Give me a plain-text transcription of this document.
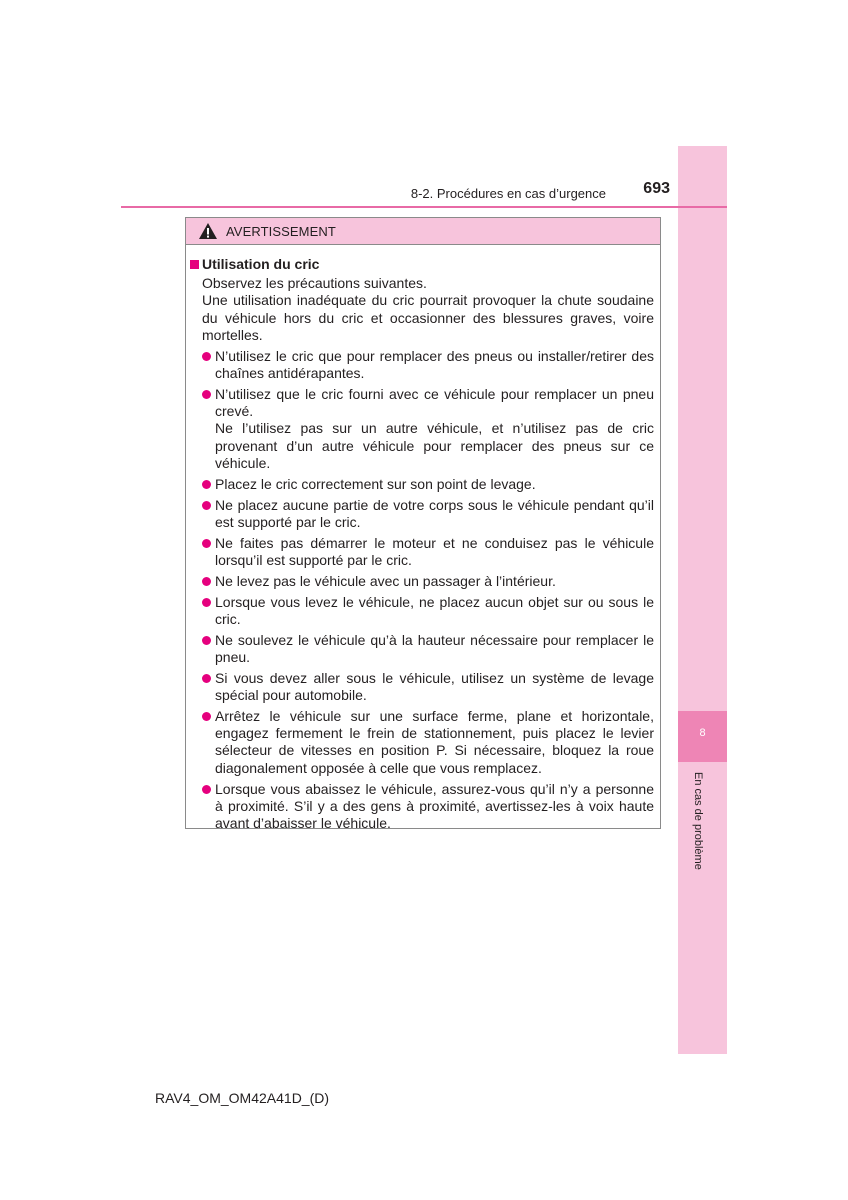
8
En cas de problème
8-2. Procédures en cas d’urgence	693
AVERTISSEMENT
Utilisation du cric

Observez les précautions suivantes.

Une utilisation inadéquate du cric pourrait provoquer la chute soudaine du véhicule hors du cric et occasionner des blessures graves, voire mortelles.

N’utilisez le cric que pour remplacer des pneus ou installer/retirer des chaînes antidérapantes.
N’utilisez que le cric fourni avec ce véhicule pour remplacer un pneu crevé.
Ne l’utilisez pas sur un autre véhicule, et n’utilisez pas de cric provenant d’un autre véhicule pour remplacer des pneus sur ce véhicule.
Placez le cric correctement sur son point de levage.
Ne placez aucune partie de votre corps sous le véhicule pendant qu’il est supporté par le cric.
Ne faites pas démarrer le moteur et ne conduisez pas le véhicule lorsqu’il est supporté par le cric.
Ne levez pas le véhicule avec un passager à l’intérieur.
Lorsque vous levez le véhicule, ne placez aucun objet sur ou sous le cric.
Ne soulevez le véhicule qu’à la hauteur nécessaire pour remplacer le pneu.
Si vous devez aller sous le véhicule, utilisez un système de levage spécial pour automobile.
Arrêtez le véhicule sur une surface ferme, plane et horizontale, engagez fermement le frein de stationnement, puis placez le levier sélecteur de vitesses en position P. Si nécessaire, bloquez la roue diagonalement opposée à celle que vous remplacez.
Lorsque vous abaissez le véhicule, assurez-vous qu’il n’y a personne à proximité. S’il y a des gens à proximité, avertissez-les à voix haute avant d’abaisser le véhicule.
RAV4_OM_OM42A41D_(D)
